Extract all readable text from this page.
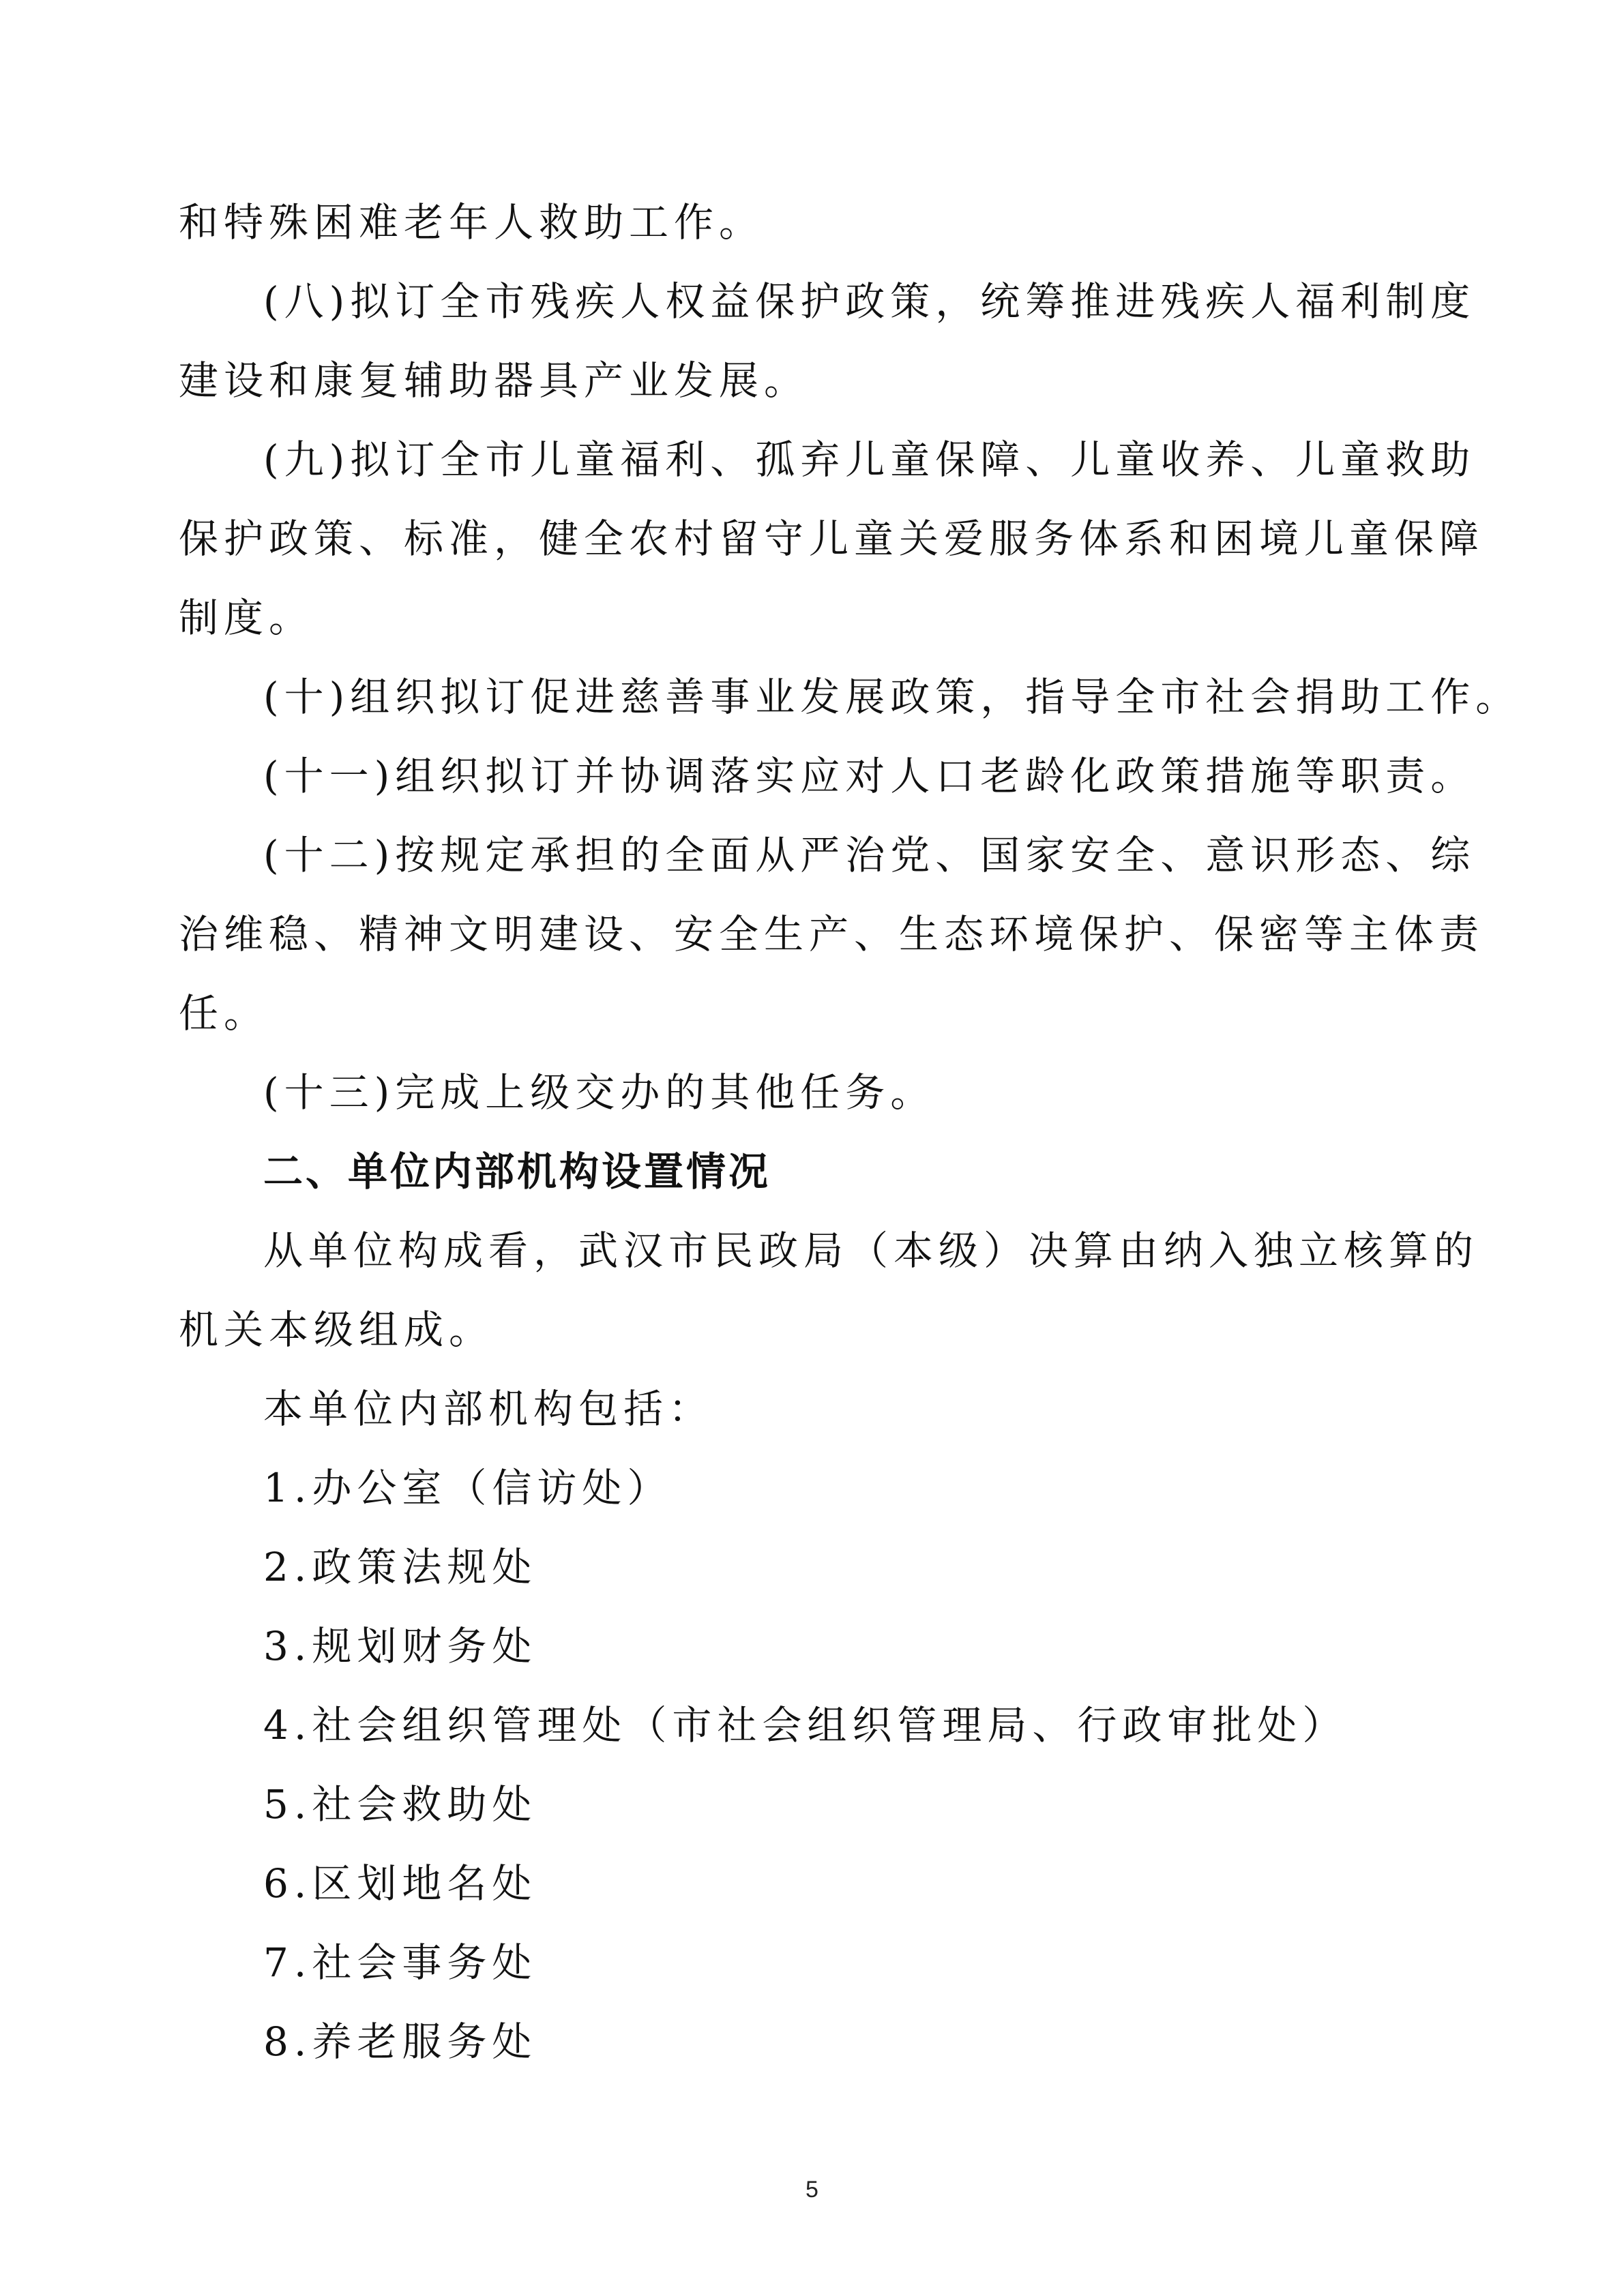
和特殊困难老年人救助工作。
(八)拟订全市残疾人权益保护政策，统筹推进残疾人福利制度
建设和康复辅助器具产业发展。
(九)拟订全市儿童福利、孤弃儿童保障、儿童收养、儿童救助
保护政策、标准，健全农村留守儿童关爱服务体系和困境儿童保障
制度。
(十)组织拟订促进慈善事业发展政策，指导全市社会捐助工作。
(十一)组织拟订并协调落实应对人口老龄化政策措施等职责。
(十二)按规定承担的全面从严治党、国家安全、意识形态、综
治维稳、精神文明建设、安全生产、生态环境保护、保密等主体责
任。
(十三)完成上级交办的其他任务。
二、单位内部机构设置情况
从单位构成看，武汉市民政局（本级）决算由纳入独立核算的
机关本级组成。
本单位内部机构包括：
1.办公室（信访处）
2.政策法规处
3.规划财务处
4.社会组织管理处（市社会组织管理局、行政审批处）
5.社会救助处
6.区划地名处
7.社会事务处
8.养老服务处
5
